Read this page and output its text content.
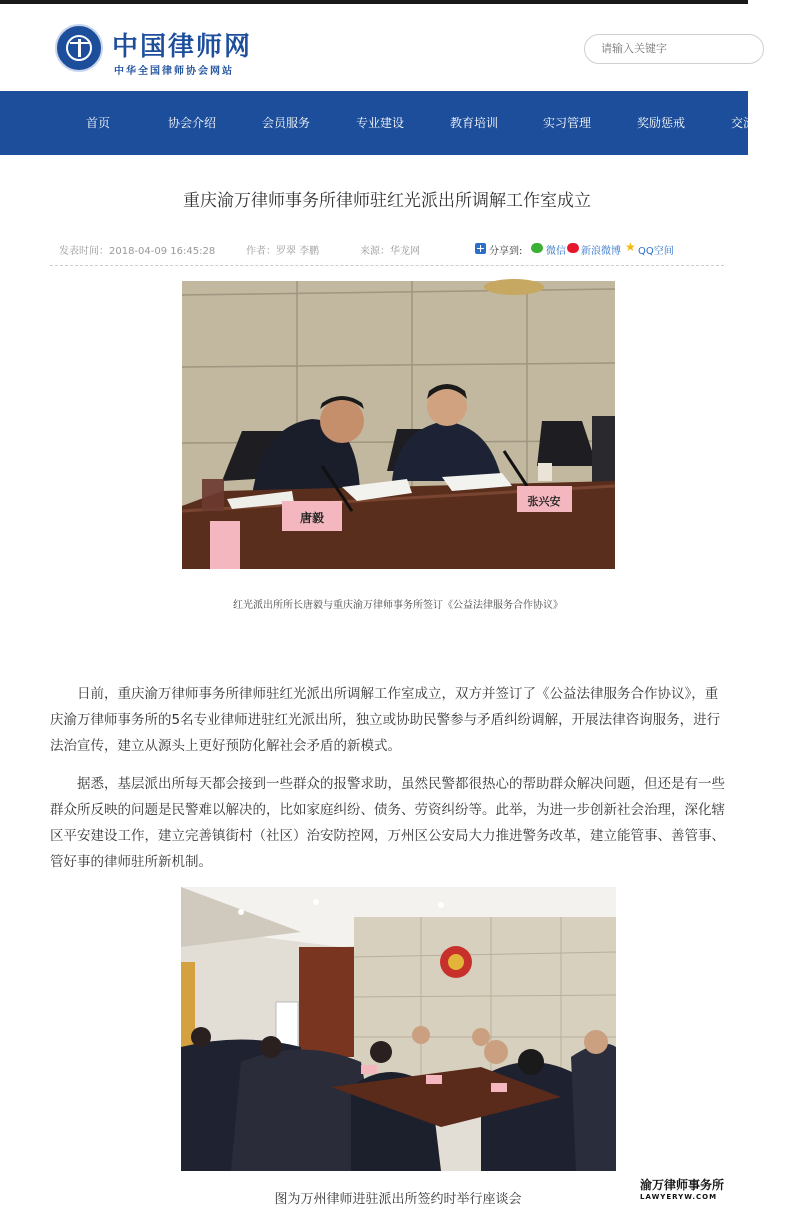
中国律师网
中华全国律师协会网站
请输入关键字
首页	协会介绍	会员服务	专业建设	教育培训	实习管理	奖励惩戒	交流
重庆渝万律师事务所律师驻红光派出所调解工作室成立
发表时间：2018-04-09 16:45:28	作者：罗翠 李鹏	来源：华龙网	分享到: 微信 新浪微博 ★ QQ空间
唐毅
张兴安
红光派出所所长唐毅与重庆渝万律师事务所签订《公益法律服务合作协议》
日前，重庆渝万律师事务所律师驻红光派出所调解工作室成立，双方并签订了《公益法律服务合作协议》，重庆渝万律师事务所的5名专业律师进驻红光派出所，独立或协助民警参与矛盾纠纷调解，开展法律咨询服务，进行法治宣传，建立从源头上更好预防化解社会矛盾的新模式。
据悉，基层派出所每天都会接到一些群众的报警求助，虽然民警都很热心的帮助群众解决问题，但还是有一些群众所反映的问题是民警难以解决的，比如家庭纠纷、债务、劳资纠纷等。此举，为进一步创新社会治理，深化辖区平安建设工作，建立完善镇街村（社区）治安防控网，万州区公安局大力推进警务改革，建立能管事、善管事、管好事的律师驻所新机制。
图为万州律师进驻派出所签约时举行座谈会
渝万律师事务所
LAWYERYW.COM
